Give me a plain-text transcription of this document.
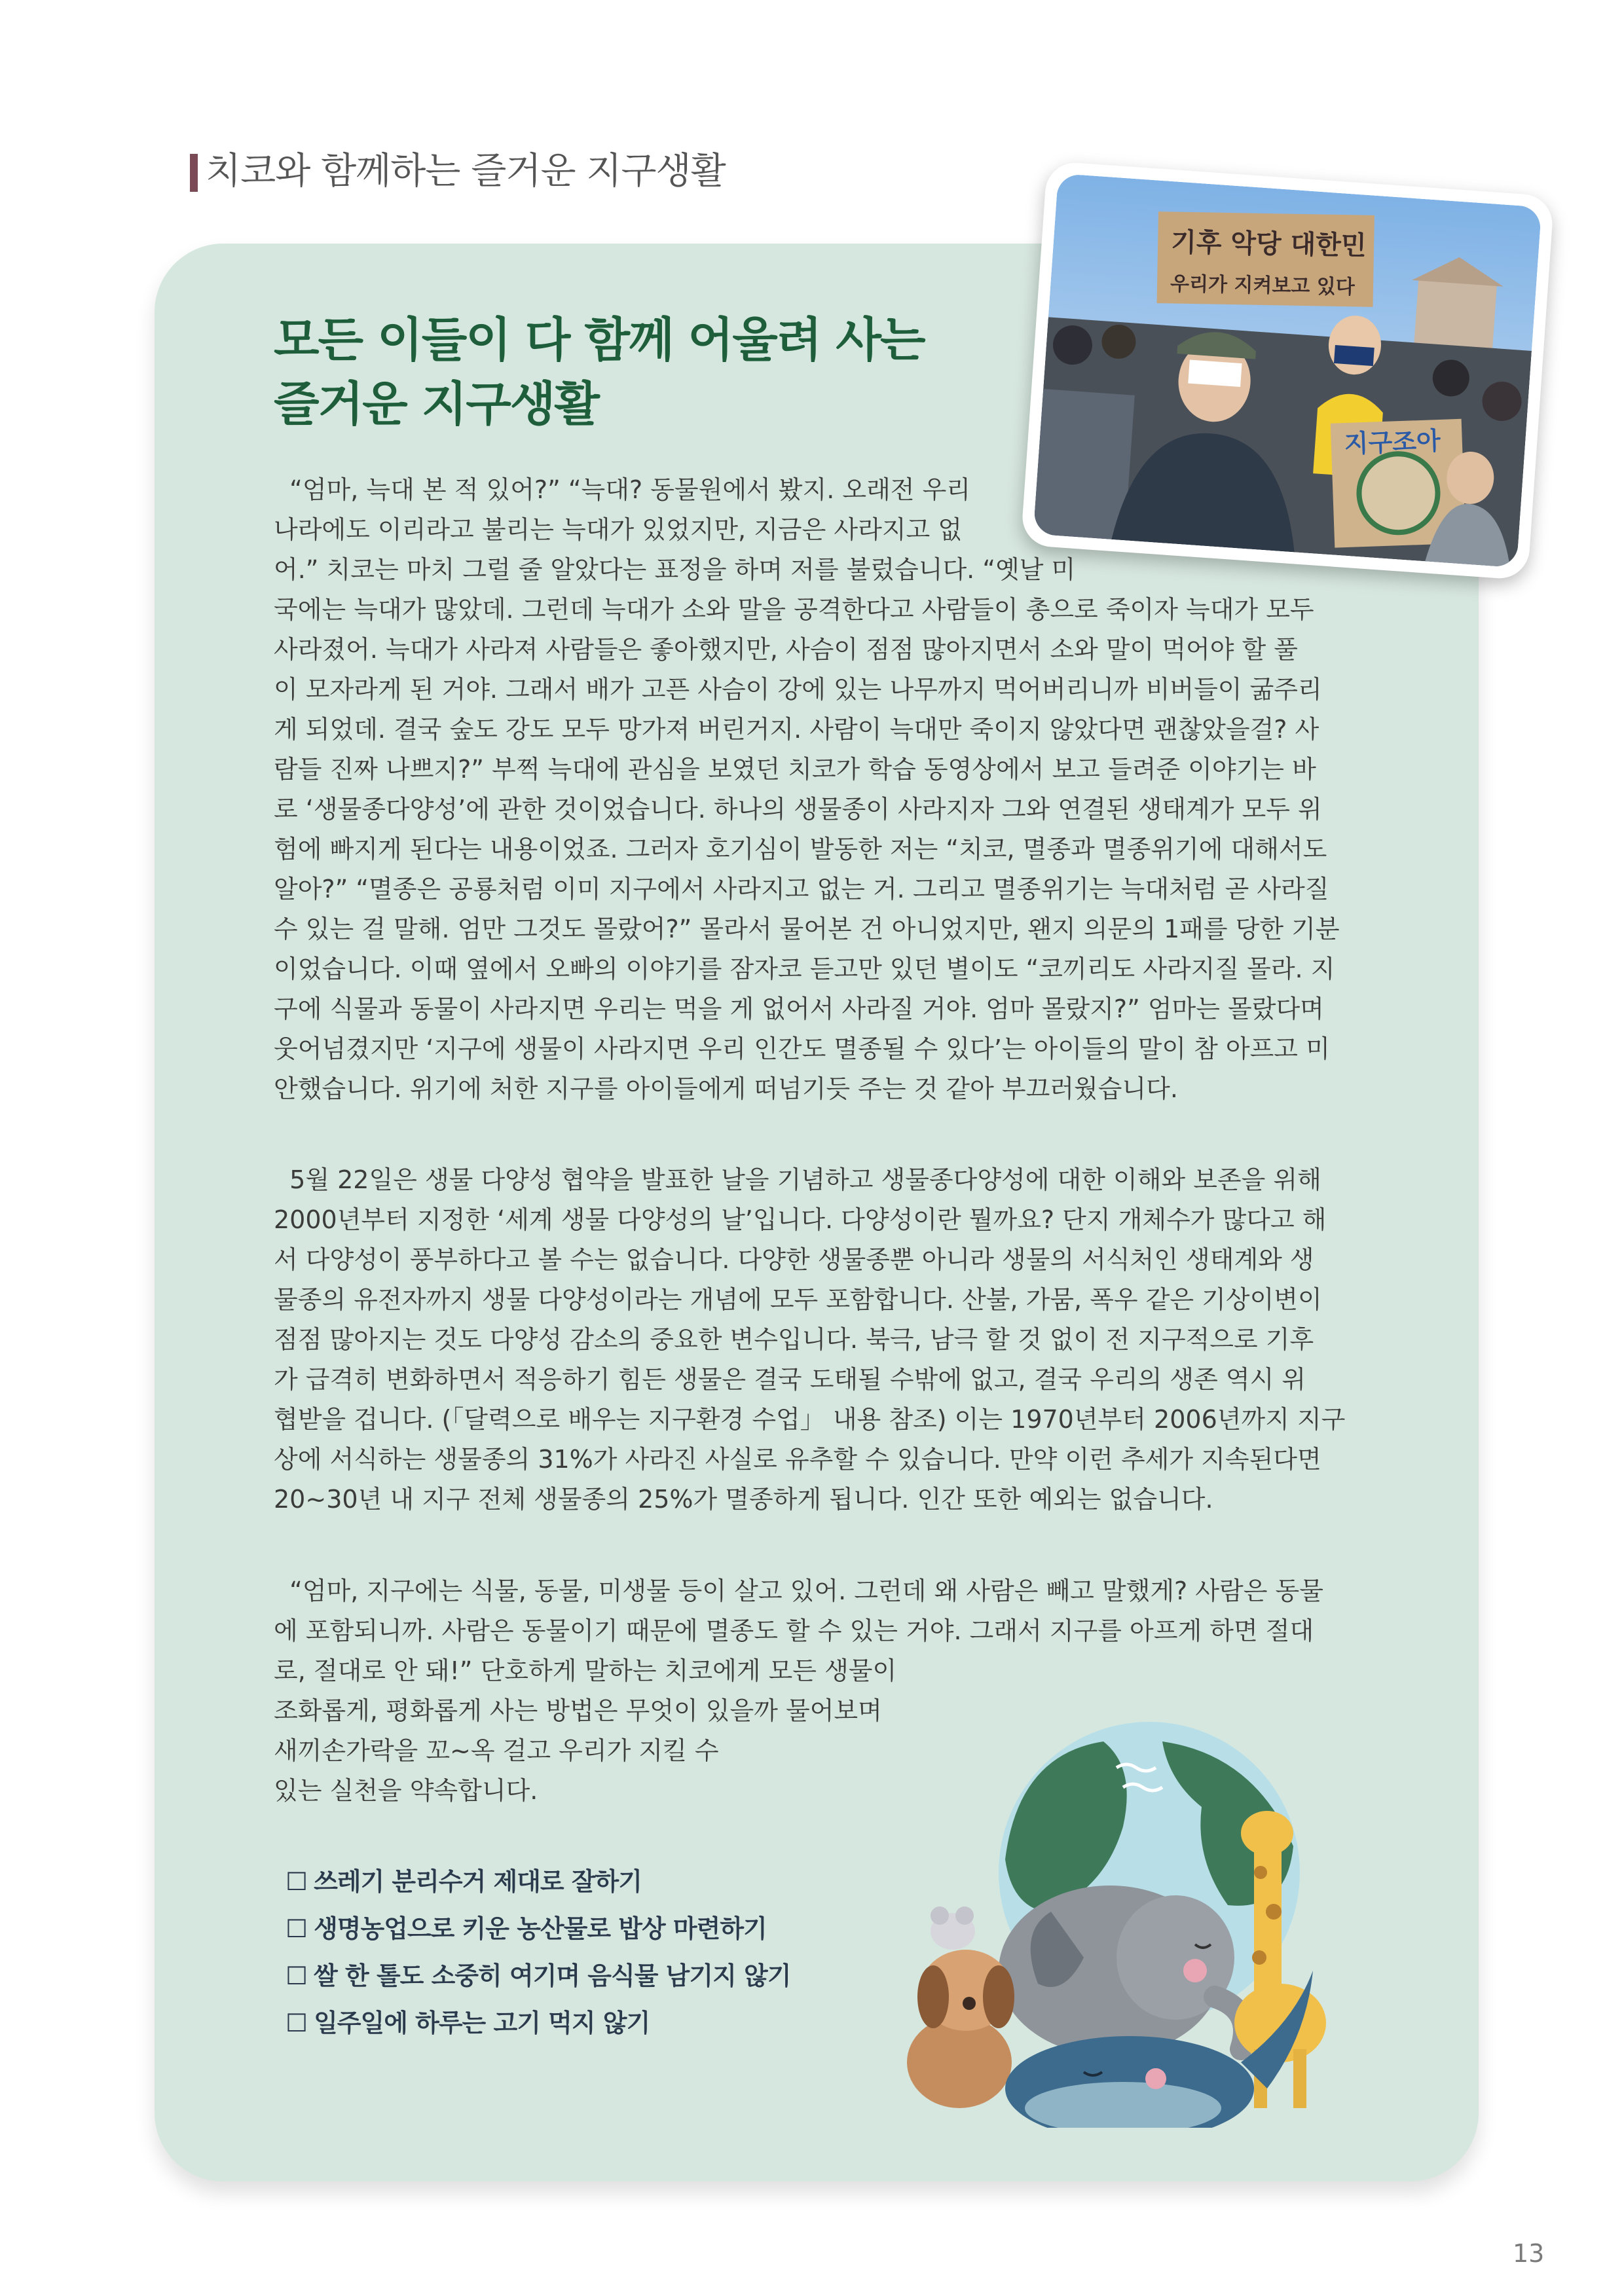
치코와 함께하는 즐거운 지구생활
모든 이들이 다 함께 어울려 사는
즐거운 지구생활
기후 악당 대한민
우리가 지켜보고 있다
지구조아
“엄마, 늑대 본 적 있어?” “늑대? 동물원에서 봤지. 오래전 우리
나라에도 이리라고 불리는 늑대가 있었지만, 지금은 사라지고 없
어.” 치코는 마치 그럴 줄 알았다는 표정을 하며 저를 불렀습니다. “옛날 미
국에는 늑대가 많았데. 그런데 늑대가 소와 말을 공격한다고 사람들이 총으로 죽이자 늑대가 모두
사라졌어. 늑대가 사라져 사람들은 좋아했지만, 사슴이 점점 많아지면서 소와 말이 먹어야 할 풀
이 모자라게 된 거야. 그래서 배가 고픈 사슴이 강에 있는 나무까지 먹어버리니까 비버들이 굶주리
게 되었데. 결국 숲도 강도 모두 망가져 버린거지. 사람이 늑대만 죽이지 않았다면 괜찮았을걸? 사
람들 진짜 나쁘지?” 부쩍 늑대에 관심을 보였던 치코가 학습 동영상에서 보고 들려준 이야기는 바
로 ‘생물종다양성’에 관한 것이었습니다. 하나의 생물종이 사라지자 그와 연결된 생태계가 모두 위
험에 빠지게 된다는 내용이었죠. 그러자 호기심이 발동한 저는 “치코, 멸종과 멸종위기에 대해서도
알아?” “멸종은 공룡처럼 이미 지구에서 사라지고 없는 거. 그리고 멸종위기는 늑대처럼 곧 사라질
수 있는 걸 말해. 엄만 그것도 몰랐어?” 몰라서 물어본 건 아니었지만, 왠지 의문의 1패를 당한 기분
이었습니다. 이때 옆에서 오빠의 이야기를 잠자코 듣고만 있던 별이도 “코끼리도 사라지질 몰라. 지
구에 식물과 동물이 사라지면 우리는 먹을 게 없어서 사라질 거야. 엄마 몰랐지?” 엄마는 몰랐다며
웃어넘겼지만 ‘지구에 생물이 사라지면 우리 인간도 멸종될 수 있다’는 아이들의 말이 참 아프고 미
안했습니다. 위기에 처한 지구를 아이들에게 떠넘기듯 주는 것 같아 부끄러웠습니다.
5월 22일은 생물 다양성 협약을 발표한 날을 기념하고 생물종다양성에 대한 이해와 보존을 위해
2000년부터 지정한 ‘세계 생물 다양성의 날’입니다. 다양성이란 뭘까요? 단지 개체수가 많다고 해
서 다양성이 풍부하다고 볼 수는 없습니다. 다양한 생물종뿐 아니라 생물의 서식처인 생태계와 생
물종의 유전자까지 생물 다양성이라는 개념에 모두 포함합니다. 산불, 가뭄, 폭우 같은 기상이변이
점점 많아지는 것도 다양성 감소의 중요한 변수입니다. 북극, 남극 할 것 없이 전 지구적으로 기후
가 급격히 변화하면서 적응하기 힘든 생물은 결국 도태될 수밖에 없고, 결국 우리의 생존 역시 위
협받을 겁니다. (「달력으로 배우는 지구환경 수업」 내용 참조) 이는 1970년부터 2006년까지 지구
상에 서식하는 생물종의 31%가 사라진 사실로 유추할 수 있습니다. 만약 이런 추세가 지속된다면
20~30년 내 지구 전체 생물종의 25%가 멸종하게 됩니다. 인간 또한 예외는 없습니다.
“엄마, 지구에는 식물, 동물, 미생물 등이 살고 있어. 그런데 왜 사람은 빼고 말했게? 사람은 동물
에 포함되니까. 사람은 동물이기 때문에 멸종도 할 수 있는 거야. 그래서 지구를 아프게 하면 절대
로, 절대로 안 돼!” 단호하게 말하는 치코에게 모든 생물이
조화롭게, 평화롭게 사는 방법은 무엇이 있을까 물어보며
새끼손가락을 꼬~옥 걸고 우리가 지킬 수
있는 실천을 약속합니다.
☐ 쓰레기 분리수거 제대로 잘하기
☐ 생명농업으로 키운 농산물로 밥상 마련하기
☐ 쌀 한 톨도 소중히 여기며 음식물 남기지 않기
☐ 일주일에 하루는 고기 먹지 않기
13
